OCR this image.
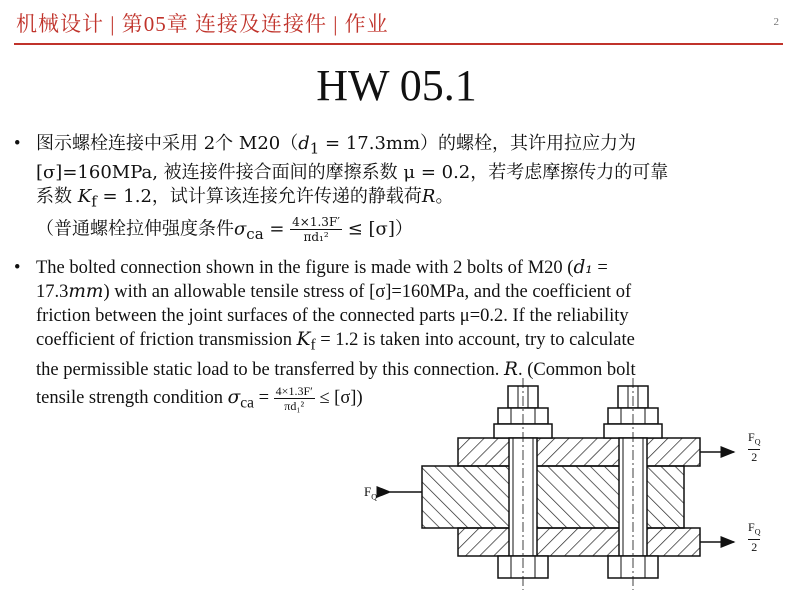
机械设计 | 第05章 连接及连接件 | 作业	2
HW 05.1
• 图示螺栓连接中采用 2个 $M20(d_1 = 17.3mm)$的螺栓，其许用拉应力为

[σ]=160MPa, 被连接件接合面间的摩擦系数 μ = 0.2，若考虑摩擦传力的可靠

系数 $K_f = 1.2$，试计算该连接允许传递的静载荷R。

（普通螺栓拉伸强度条件$\sigma_{ca} = \frac{4\times 1.3F'}{\text{πd₁²}} \le [\sigma]$）

• The bolted connection shown in the figure is made with 2 bolts of M20 (d₁ =

17.3mm) with an allowable tensile stress of [σ]=160MPa, and the coefficient of

friction between the joint surfaces of the connected parts μ=0.2. If the reliability

coefficient of friction transmission $K_f = 1.2$ is taken into account, try to calculate

the permissible static load to be transferred by this connection. R. (Common bolt

tensile strength condition $\sigma_{ca} = \frac{4\times 1.3F'}{\text{πd₁²}} \le [\sigma]$)

$F_Q$
$F_Q$
2
$F_Q$
2
